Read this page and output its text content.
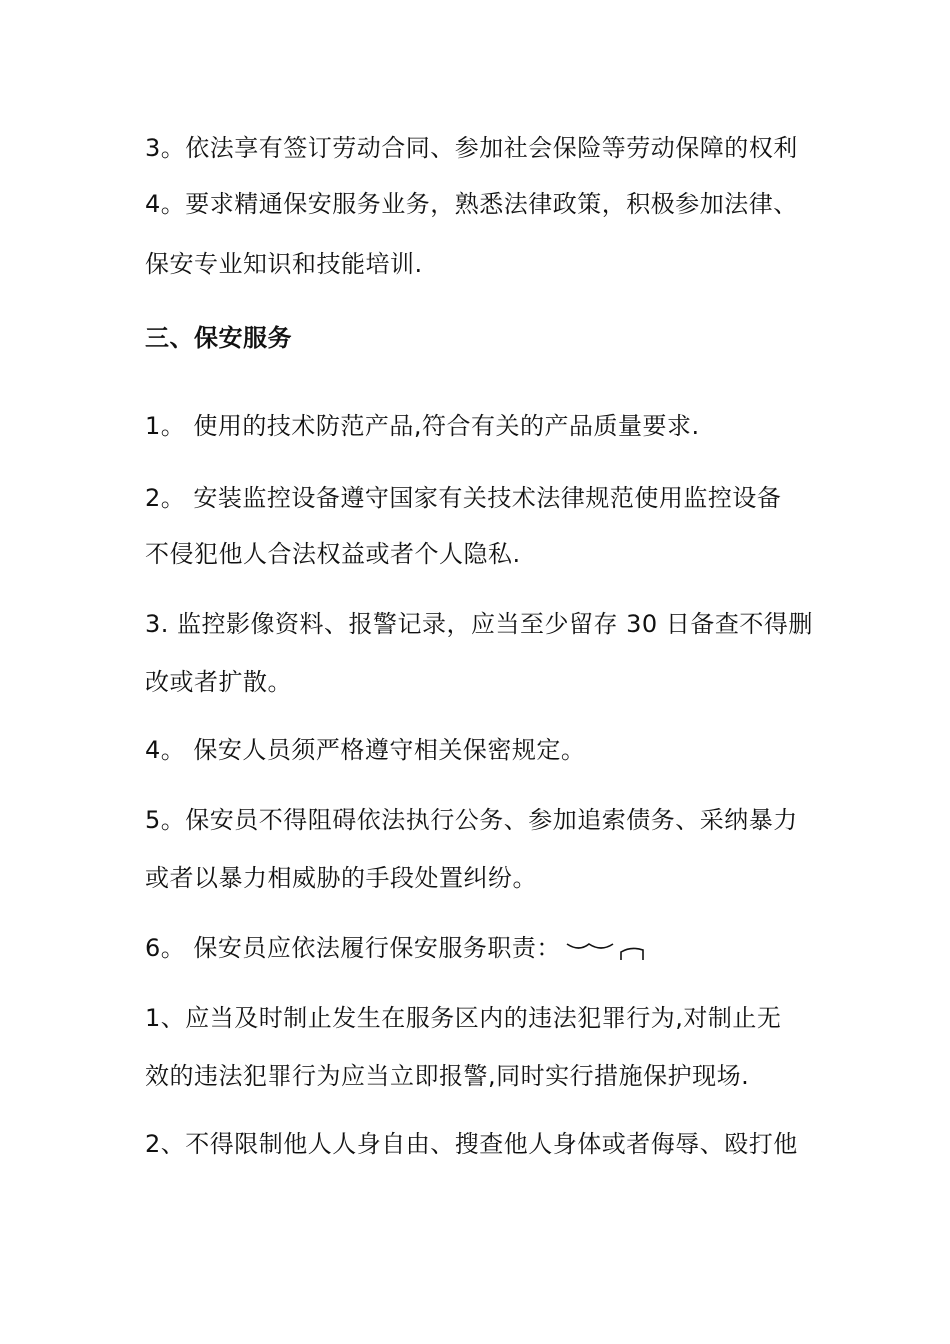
3。依法享有签订劳动合同、参加社会保险等劳动保障的权利
4。要求精通保安服务业务，熟悉法律政策，积极参加法律、
保安专业知识和技能培训.
三、保安服务
1。 使用的技术防范产品,符合有关的产品质量要求.
2。 安装监控设备遵守国家有关技术法律规范使用监控设备
不侵犯他人合法权益或者个人隐私.
3. 监控影像资料、报警记录，应当至少留存 30 日备查不得删
改或者扩散。
4。 保安人员须严格遵守相关保密规定。
5。保安员不得阻碍依法执行公务、参加追索债务、采纳暴力
或者以暴力相威胁的手段处置纠纷。
6。 保安员应依法履行保安服务职责：
1、应当及时制止发生在服务区内的违法犯罪行为,对制止无
效的违法犯罪行为应当立即报警,同时实行措施保护现场.
2、不得限制他人人身自由、搜查他人身体或者侮辱、殴打他
